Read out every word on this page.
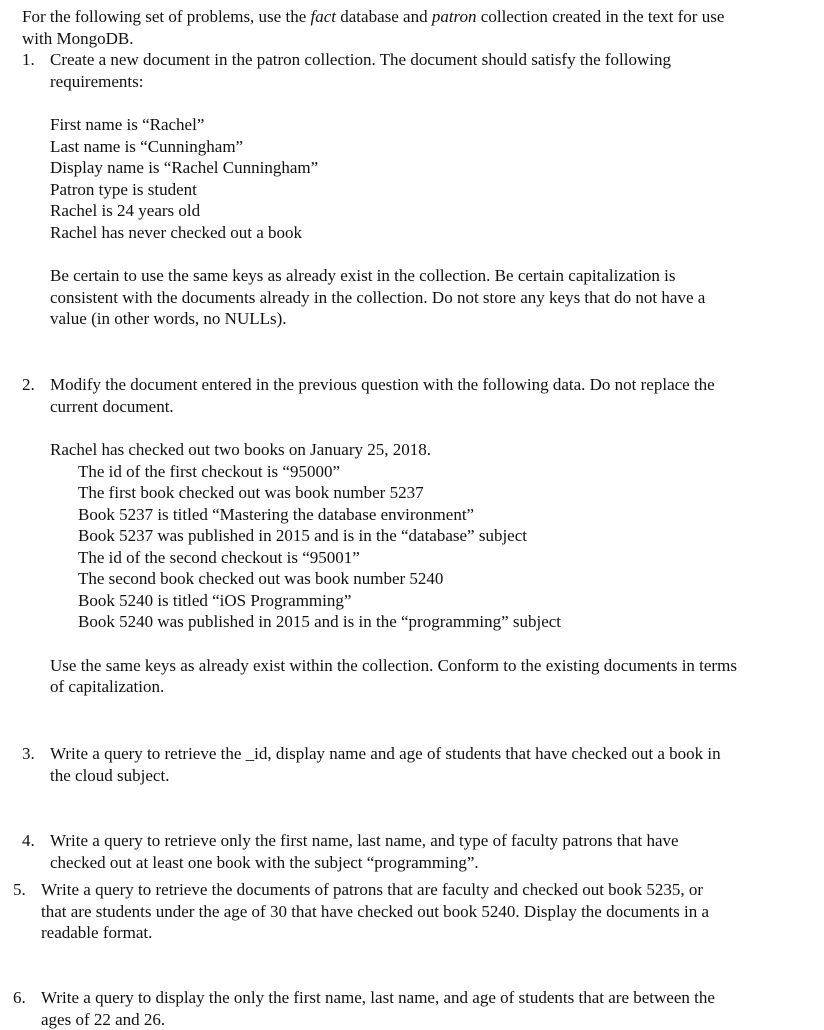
For the following set of problems, use the fact database and patron collection created in the text for use
with MongoDB.
1. Create a new document in the patron collection. The document should satisfy the following
requirements:
First name is “Rachel”
Last name is “Cunningham”
Display name is “Rachel Cunningham”
Patron type is student
Rachel is 24 years old
Rachel has never checked out a book
Be certain to use the same keys as already exist in the collection. Be certain capitalization is
consistent with the documents already in the collection. Do not store any keys that do not have a
value (in other words, no NULLs).
2. Modify the document entered in the previous question with the following data. Do not replace the
current document.
Rachel has checked out two books on January 25, 2018.
The id of the first checkout is “95000”
The first book checked out was book number 5237
Book 5237 is titled “Mastering the database environment”
Book 5237 was published in 2015 and is in the “database” subject
The id of the second checkout is “95001”
The second book checked out was book number 5240
Book 5240 is titled “iOS Programming”
Book 5240 was published in 2015 and is in the “programming” subject
Use the same keys as already exist within the collection. Conform to the existing documents in terms
of capitalization.
3. Write a query to retrieve the _id, display name and age of students that have checked out a book in
the cloud subject.
4. Write a query to retrieve only the first name, last name, and type of faculty patrons that have
checked out at least one book with the subject “programming”.
5. Write a query to retrieve the documents of patrons that are faculty and checked out book 5235, or
that are students under the age of 30 that have checked out book 5240. Display the documents in a
readable format.
6. Write a query to display the only the first name, last name, and age of students that are between the
ages of 22 and 26.
